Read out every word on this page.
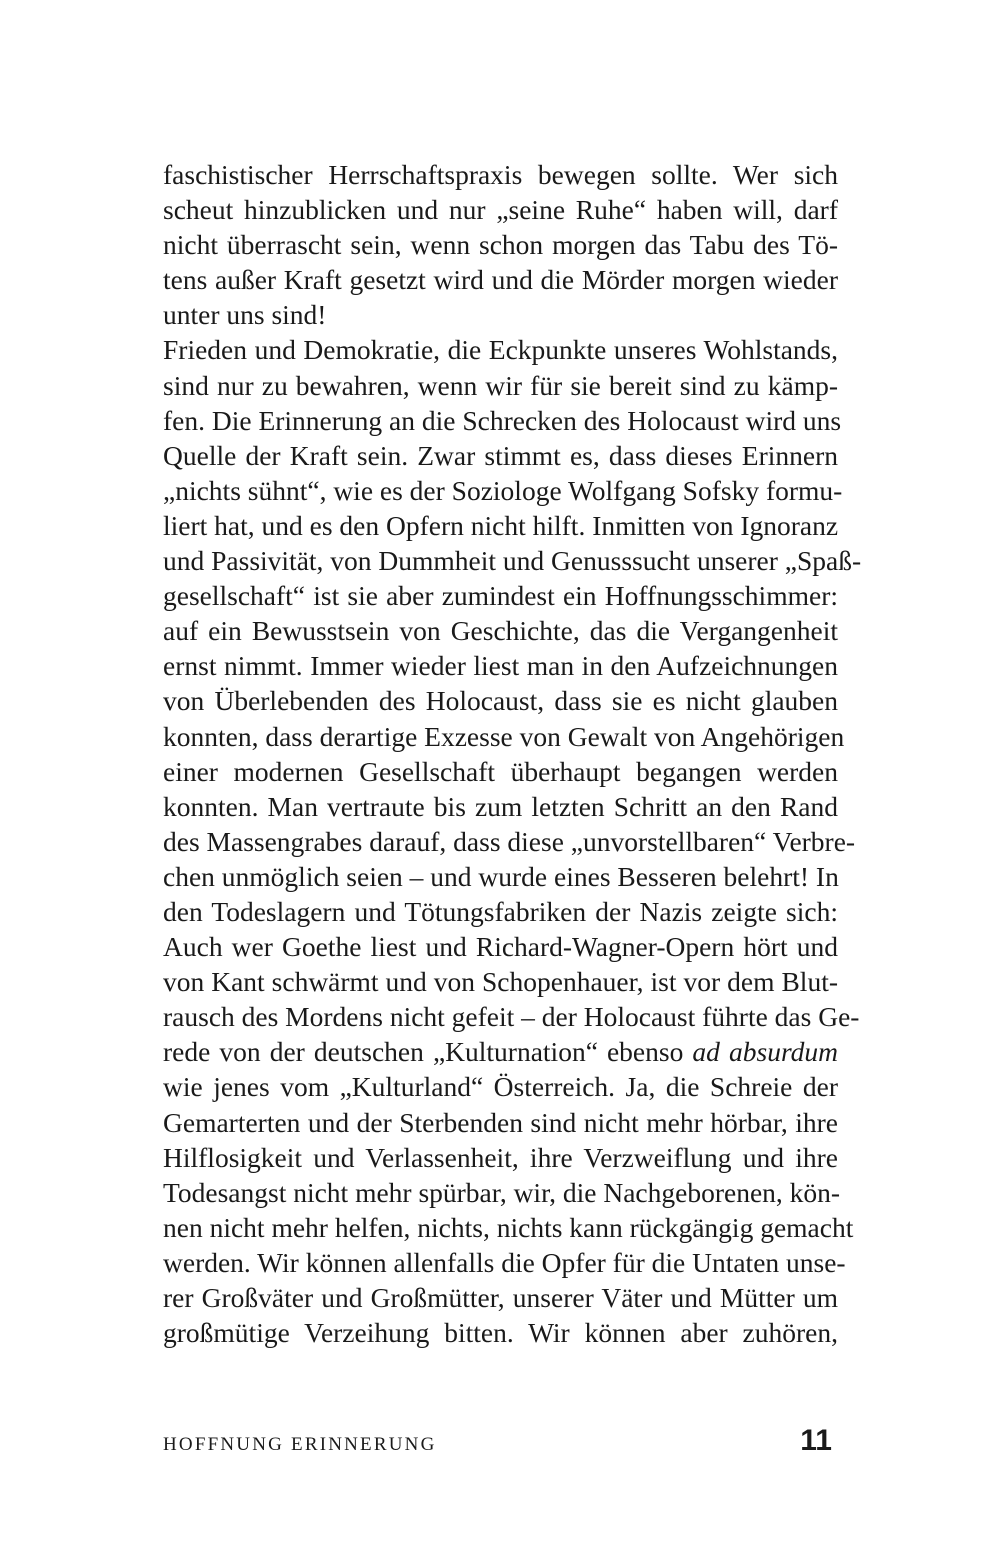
faschistischer Herrschaftspraxis bewegen sollte. Wer sich
scheut hinzublicken und nur „seine Ruhe“ haben will, darf
nicht überrascht sein, wenn schon morgen das Tabu des Tö-
tens außer Kraft gesetzt wird und die Mörder morgen wieder
unter uns sind!
Frieden und Demokratie, die Eckpunkte unseres Wohlstands,
sind nur zu bewahren, wenn wir für sie bereit sind zu kämp-
fen. Die Erinnerung an die Schrecken des Holocaust wird uns
Quelle der Kraft sein. Zwar stimmt es, dass dieses Erinnern
„nichts sühnt“, wie es der Soziologe Wolfgang Sofsky formu-
liert hat, und es den Opfern nicht hilft. Inmitten von Ignoranz
und Passivität, von Dummheit und Genusssucht unserer „Spaß-
gesellschaft“ ist sie aber zumindest ein Hoffnungsschimmer:
auf ein Bewusstsein von Geschichte, das die Vergangenheit
ernst nimmt. Immer wieder liest man in den Aufzeichnungen
von Überlebenden des Holocaust, dass sie es nicht glauben
konnten, dass derartige Exzesse von Gewalt von Angehörigen
einer modernen Gesellschaft überhaupt begangen werden
konnten. Man vertraute bis zum letzten Schritt an den Rand
des Massengrabes darauf, dass diese „unvorstellbaren“ Verbre-
chen unmöglich seien – und wurde eines Besseren belehrt! In
den Todeslagern und Tötungsfabriken der Nazis zeigte sich:
Auch wer Goethe liest und Richard-Wagner-Opern hört und
von Kant schwärmt und von Schopenhauer, ist vor dem Blut-
rausch des Mordens nicht gefeit – der Holocaust führte das Ge-
rede von der deutschen „Kulturnation“ ebenso ad absurdum
wie jenes vom „Kulturland“ Österreich. Ja, die Schreie der
Gemarterten und der Sterbenden sind nicht mehr hörbar, ihre
Hilflosigkeit und Verlassenheit, ihre Verzweiflung und ihre
Todesangst nicht mehr spürbar, wir, die Nachgeborenen, kön-
nen nicht mehr helfen, nichts, nichts kann rückgängig gemacht
werden. Wir können allenfalls die Opfer für die Untaten unse-
rer Großväter und Großmütter, unserer Väter und Mütter um
großmütige Verzeihung bitten. Wir können aber zuhören,
HOFFNUNG ERINNERUNG	11
